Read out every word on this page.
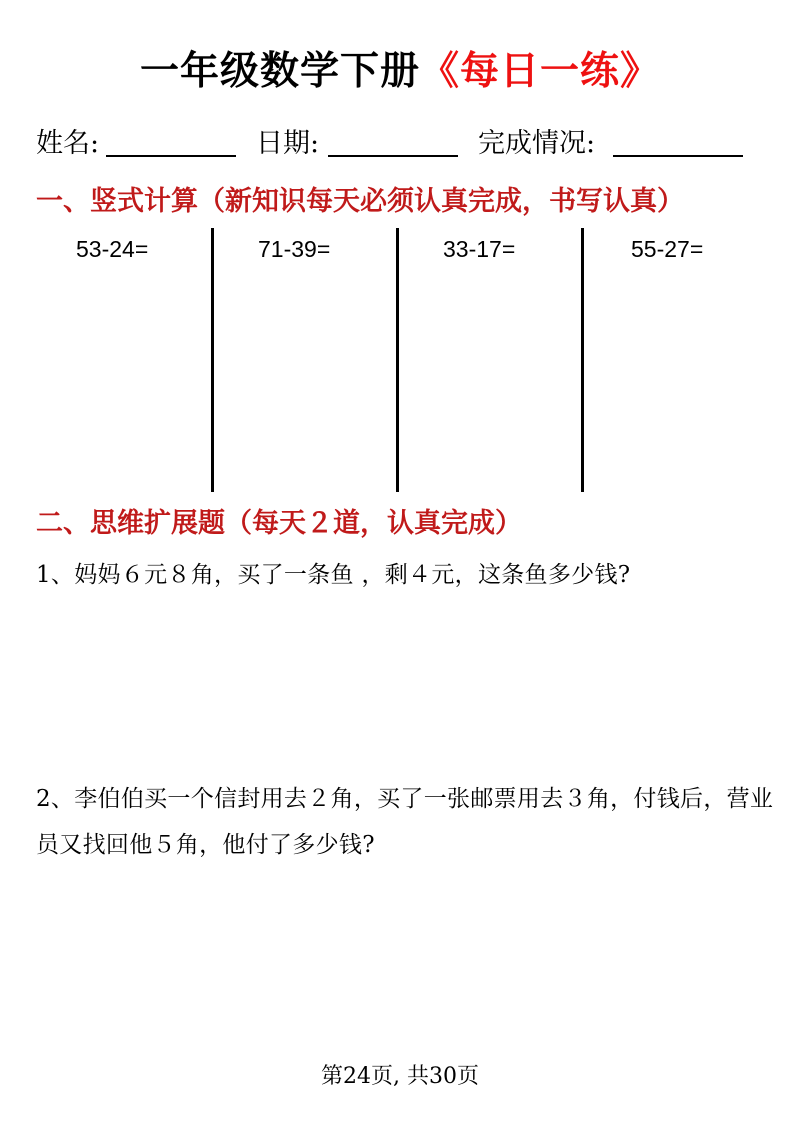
一年级数学下册《每日一练》
姓名:	日期:	完成情况:
一、竖式计算（新知识每天必须认真完成，书写认真）
53-24=	71-39=	33-17=	55-27=
二、思维扩展题（每天２道，认真完成）
1、妈妈６元８角，买了一条鱼 ，剩４元，这条鱼多少钱?
2、李伯伯买一个信封用去２角，买了一张邮票用去３角，付钱后，营业员又找回他５角，他付了多少钱?
第24页, 共30页
